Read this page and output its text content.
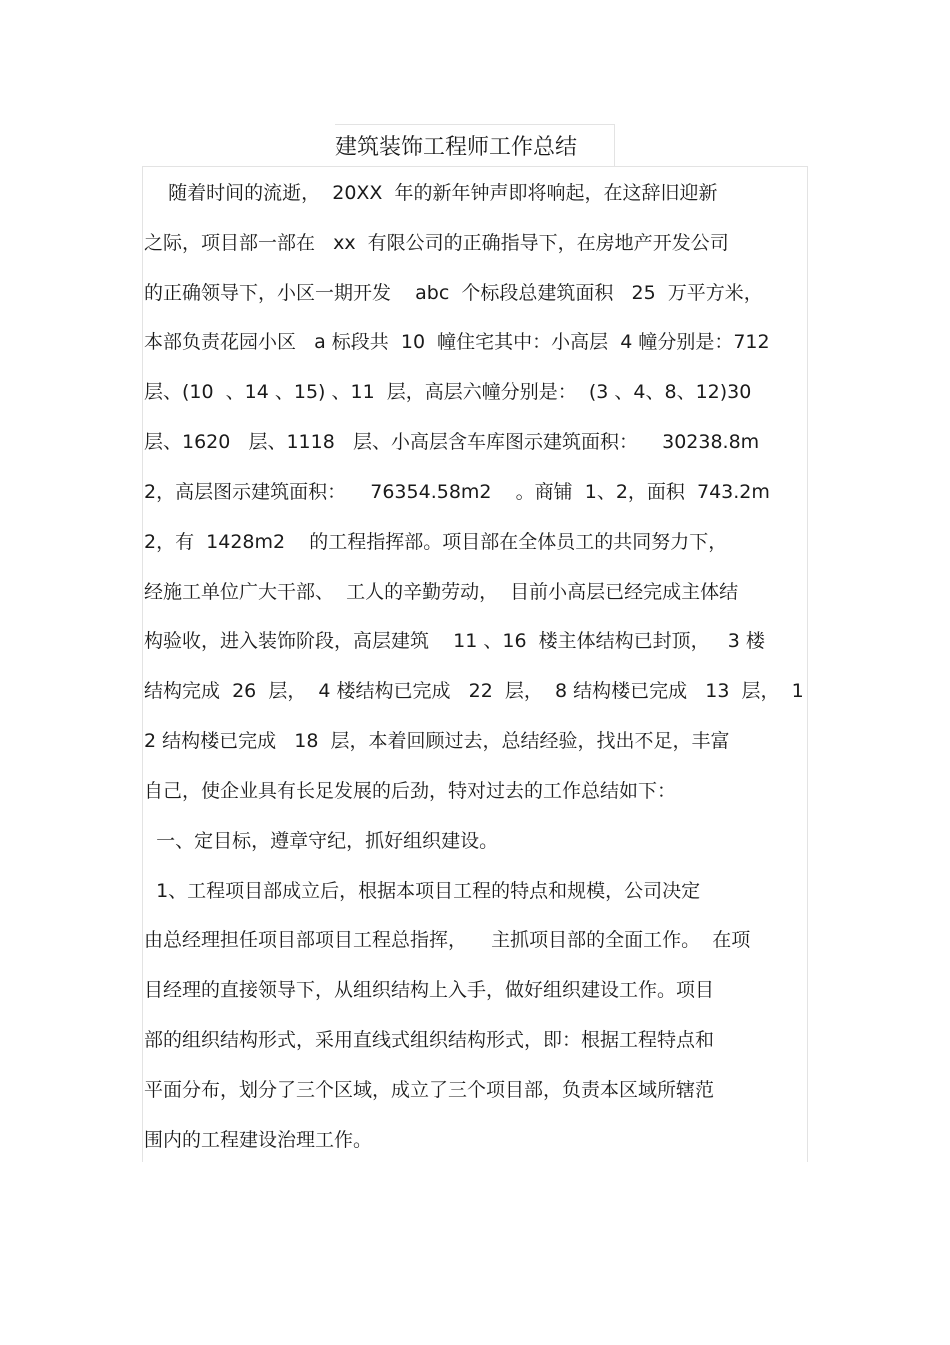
建筑装饰工程师工作总结

随着时间的流逝，  20XX  年的新年钟声即将响起，在这辞旧迎新

之际，项目部一部在   xx  有限公司的正确指导下，在房地产开发公司

的正确领导下，小区一期开发    abc  个标段总建筑面积   25  万平方米，

本部负责花园小区   a 标段共  10  幢住宅其中：小高层  4 幢分别是：712

层、(10  、14 、15) 、11  层，高层六幢分别是：  (3 、4、8、12)30

层、1620   层、1118   层、小高层含车库图示建筑面积：    30238.8m

2，高层图示建筑面积：    76354.58m2    。商铺  1、2，面积  743.2m

2，有  1428m2    的工程指挥部。项目部在全体员工的共同努力下，

经施工单位广大干部、  工人的辛勤劳动，  目前小高层已经完成主体结

构验收，进入装饰阶段，高层建筑    11 、16  楼主体结构已封顶，   3 楼

结构完成  26  层，  4 楼结构已完成   22  层，  8 结构楼已完成   13  层，  1

2 结构楼已完成   18  层，本着回顾过去，总结经验，找出不足，丰富

自己，使企业具有长足发展的后劲，特对过去的工作总结如下：

一、定目标，遵章守纪，抓好组织建设。

1、工程项目部成立后，根据本项目工程的特点和规模，公司决定

由总经理担任项目部项目工程总指挥，    主抓项目部的全面工作。  在项

目经理的直接领导下，从组织结构上入手，做好组织建设工作。项目

部的组织结构形式，采用直线式组织结构形式，即：根据工程特点和

平面分布，划分了三个区域，成立了三个项目部，负责本区域所辖范

围内的工程建设治理工作。
